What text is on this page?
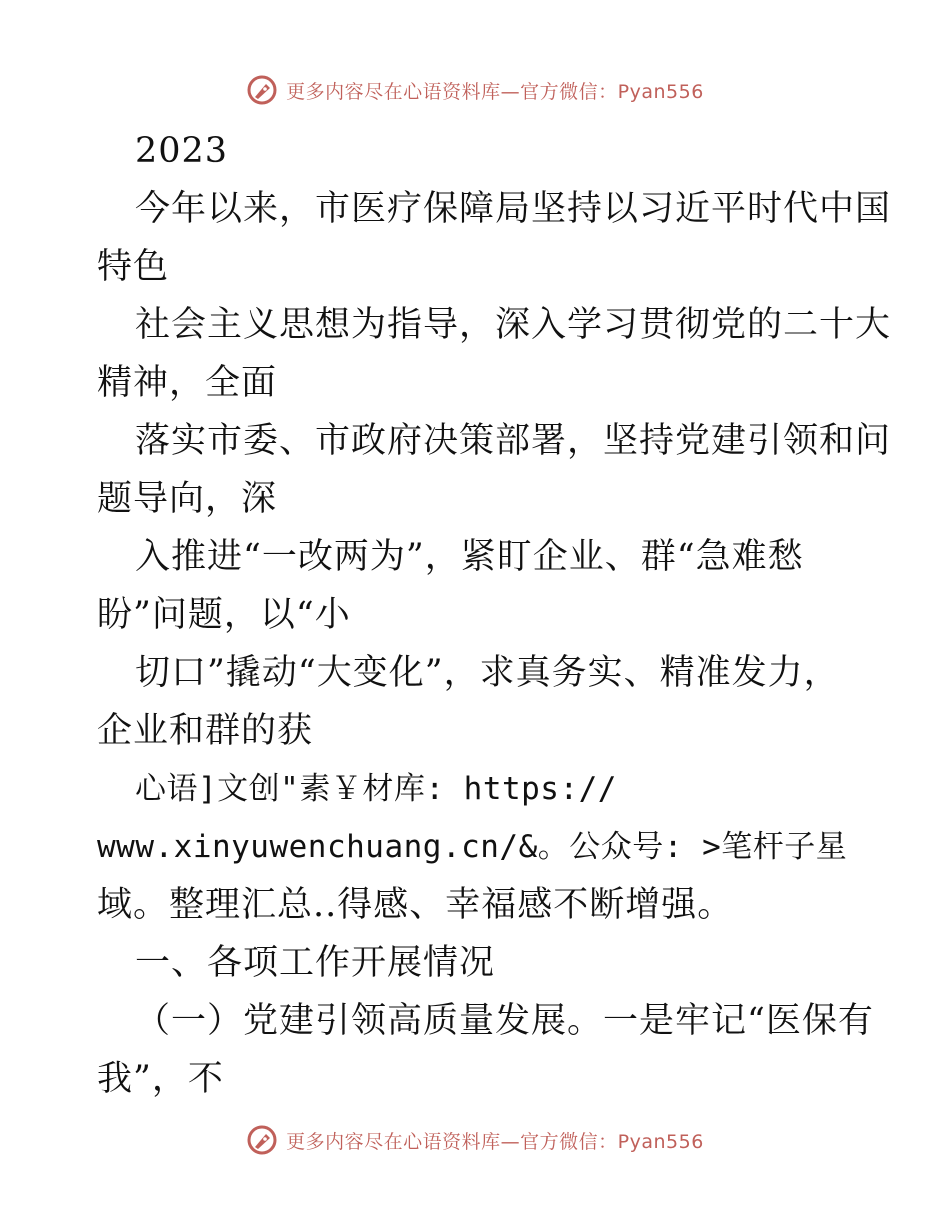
更多内容尽在心语资料库—官方微信：Pyan556
2023
今年以来，市医疗保障局坚持以习近平时代中国
特色
社会主义思想为指导，深入学习贯彻党的二十大
精神，全面
落实市委、市政府决策部署，坚持党建引领和问
题导向，深
入推进“一改两为”，紧盯企业、群“急难愁
盼”问题，以“小
切口”撬动“大变化”，求真务实、精准发力，
企业和群的获
心语]文创"素￥材库: https://
www.xinyuwenchuang.cn/&。公众号: >笔杆子星
域。整理汇总..得感、幸福感不断增强。
一、各项工作开展情况
（一）党建引领高质量发展。一是牢记“医保有
我”，不
更多内容尽在心语资料库—官方微信：Pyan556
